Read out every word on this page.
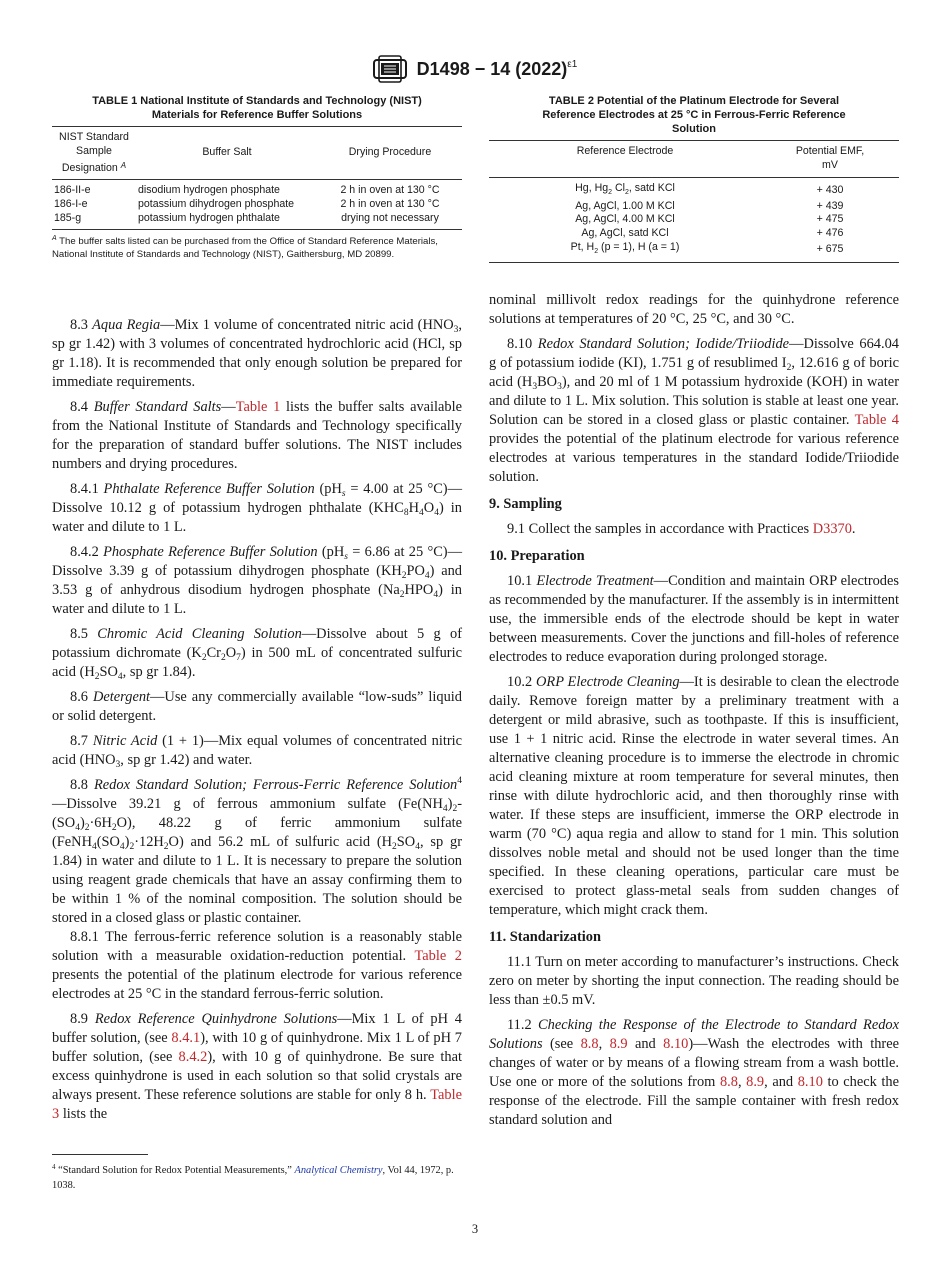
D1498 − 14 $(2022)^{\varepsilon 1}$
TABLE 1 National Institute of Standards and Technology (NIST)
Materials for Reference Buffer Solutions
NIST Standard
Sample
Designation $^A$	Buffer Salt	Drying Procedure
186-II-e	disodium hydrogen phosphate	2 h in oven at 130 °C
186-I-e	potassium dihydrogen phosphate	2 h in oven at 130 °C
185-g	potassium hydrogen phthalate	drying not necessary
$^A$ The buffer salts listed can be purchased from the Office of Standard Reference Materials, National Institute of Standards and Technology (NIST), Gaithersburg, MD 20899.
TABLE 2 Potential of the Platinum Electrode for Several
Reference Electrodes at 25 °C in Ferrous-Ferric Reference
Solution
Reference Electrode	Potential EMF,
mV

Hg, $Hg_2$ $Cl_2$, satd KCl	+ 430
Ag, AgCl, 1.00 M KCl	+ 439
Ag, AgCl, 4.00 M KCl	+ 475
Ag, AgCl, satd KCl	+ 476
Pt, $H_2$ (p = 1), H (a = 1)	+ 675

8.3 Aqua Regia—Mix 1 volume of concentrated nitric acid ($HNO_3$, sp gr 1.42) with 3 volumes of concentrated hydrochloric acid (HCl, sp gr 1.18). It is recommended that only enough solution be prepared for immediate requirements.

8.4 Buffer Standard Salts—Table 1 lists the buffer salts available from the National Institute of Standards and Technology specifically for the preparation of standard buffer solutions. The NIST includes numbers and drying procedures.

8.4.1 Phthalate Reference Buffer Solution ($pH_s = 4.00$ at 25 °C)—Dissolve 10.12 g of potassium hydrogen phthalate $(KHC_8H_4O_4)$ in water and dilute to 1 L.

8.4.2 Phosphate Reference Buffer Solution ($pH_s = 6.86$ at 25 °C)—Dissolve 3.39 g of potassium dihydrogen phosphate $(KH_2PO_4)$ and 3.53 g of anhydrous disodium hydrogen phosphate $(Na_2HPO_4)$ in water and dilute to 1 L.

8.5 Chromic Acid Cleaning Solution—Dissolve about 5 g of potassium dichromate $(K_2Cr_2O_7)$ in 500 mL of concentrated sulfuric acid ($H_2SO_4$, sp gr 1.84).

8.6 Detergent—Use any commercially available “low-suds” liquid or solid detergent.

8.7 Nitric Acid (1 + 1)—Mix equal volumes of concentrated nitric acid ($HNO_3$, sp gr 1.42) and water.

8.8 Redox Standard Solution; Ferrous-Ferric Reference Solution$^4$—Dissolve 39.21 g of ferrous ammonium sulfate $(Fe(NH_4)_2-(SO_4)_2\cdot 6H_2O)$, 48.22 g of ferric ammonium sulfate $(FeNH_4(SO_4)_2\cdot 12H_2O)$ and 56.2 mL of sulfuric acid ($H_2SO_4$, sp gr 1.84) in water and dilute to 1 L. It is necessary to prepare the solution using reagent grade chemicals that have an assay confirming them to be within 1 % of the nominal composition. The solution should be stored in a closed glass or plastic container.

8.8.1 The ferrous-ferric reference solution is a reasonably stable solution with a measurable oxidation-reduction potential. Table 2 presents the potential of the platinum electrode for various reference electrodes at 25 °C in the standard ferrous-ferric solution.

8.9 Redox Reference Quinhydrone Solutions—Mix 1 L of pH 4 buffer solution, (see 8.4.1), with 10 g of quinhydrone. Mix 1 L of pH 7 buffer solution, (see 8.4.2), with 10 g of quinhydrone. Be sure that excess quinhydrone is used in each solution so that solid crystals are always present. These reference solutions are stable for only 8 h. Table 3 lists the

nominal millivolt redox readings for the quinhydrone reference solutions at temperatures of 20 °C, 25 °C, and 30 °C.

8.10 Redox Standard Solution; Iodide/Triiodide—Dissolve 664.04 g of potassium iodide (KI), 1.751 g of resublimed $I_2$, 12.616 g of boric acid $(H_3BO_3)$, and 20 ml of 1 M potassium hydroxide (KOH) in water and dilute to 1 L. Mix solution. This solution is stable at least one year. Solution can be stored in a closed glass or plastic container. Table 4 provides the potential of the platinum electrode for various reference electrodes at various temperatures in the standard Iodide/Triiodide solution.

9. Sampling

9.1 Collect the samples in accordance with Practices D3370.

10. Preparation

10.1 Electrode Treatment—Condition and maintain ORP electrodes as recommended by the manufacturer. If the assembly is in intermittent use, the immersible ends of the electrode should be kept in water between measurements. Cover the junctions and fill-holes of reference electrodes to reduce evaporation during prolonged storage.

10.2 ORP Electrode Cleaning—It is desirable to clean the electrode daily. Remove foreign matter by a preliminary treatment with a detergent or mild abrasive, such as toothpaste. If this is insufficient, use 1 + 1 nitric acid. Rinse the electrode in water several times. An alternative cleaning procedure is to immerse the electrode in chromic acid cleaning mixture at room temperature for several minutes, then rinse with dilute hydrochloric acid, and then thoroughly rinse with water. If these steps are insufficient, immerse the ORP electrode in warm (70 °C) aqua regia and allow to stand for 1 min. This solution dissolves noble metal and should not be used longer than the time specified. In these cleaning operations, particular care must be exercised to protect glass-metal seals from sudden changes of temperature, which might crack them.

11. Standarization

11.1 Turn on meter according to manufacturer’s instructions. Check zero on meter by shorting the input connection. The reading should be less than ±0.5 mV.

11.2 Checking the Response of the Electrode to Standard Redox Solutions (see 8.8, 8.9 and 8.10)—Wash the electrodes with three changes of water or by means of a flowing stream from a wash bottle. Use one or more of the solutions from 8.8, 8.9, and 8.10 to check the response of the electrode. Fill the sample container with fresh redox standard solution and

$^4$ “Standard Solution for Redox Potential Measurements,” Analytical Chemistry, Vol 44, 1972, p. 1038.
3
